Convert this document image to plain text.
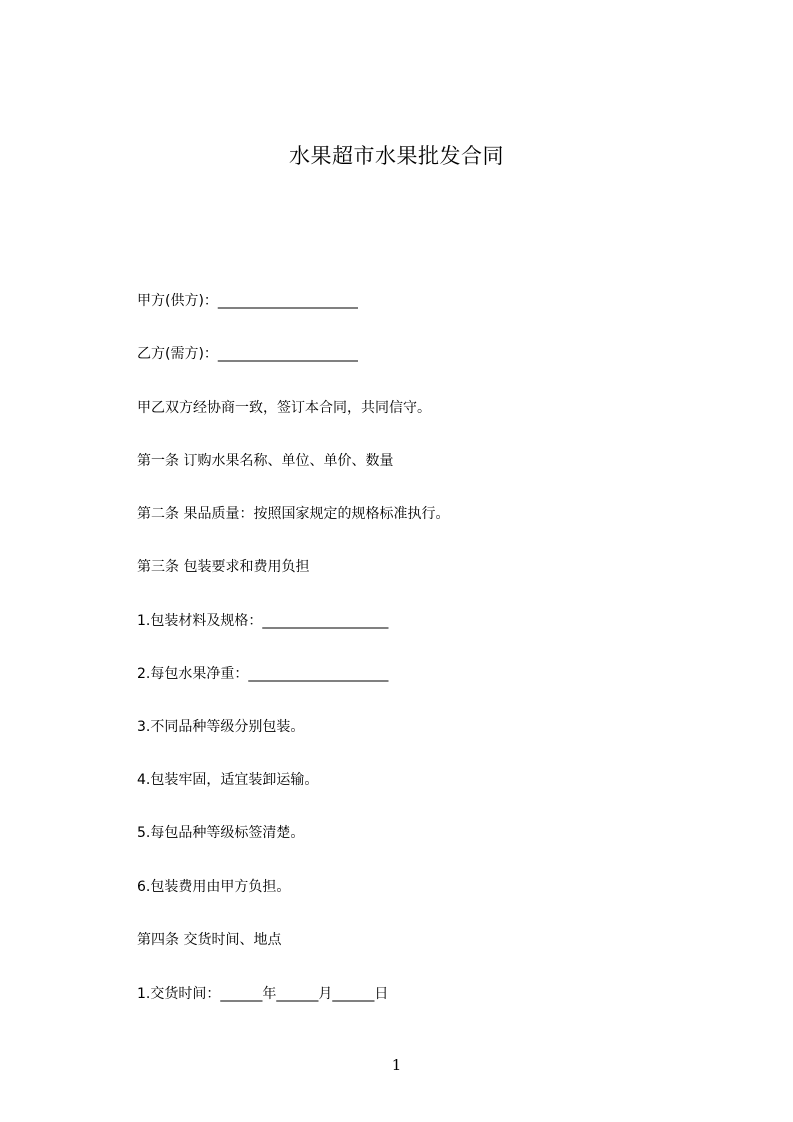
水果超市水果批发合同
甲方(供方)：____________________
乙方(需方)：____________________
甲乙双方经协商一致，签订本合同，共同信守。
第一条 订购水果名称、单位、单价、数量
第二条 果品质量：按照国家规定的规格标准执行。
第三条 包装要求和费用负担
1.包装材料及规格：__________________
2.每包水果净重：____________________
3.不同品种等级分别包装。
4.包装牢固，适宜装卸运输。
5.每包品种等级标签清楚。
6.包装费用由甲方负担。
第四条 交货时间、地点
1.交货时间：______年______月______日
1
